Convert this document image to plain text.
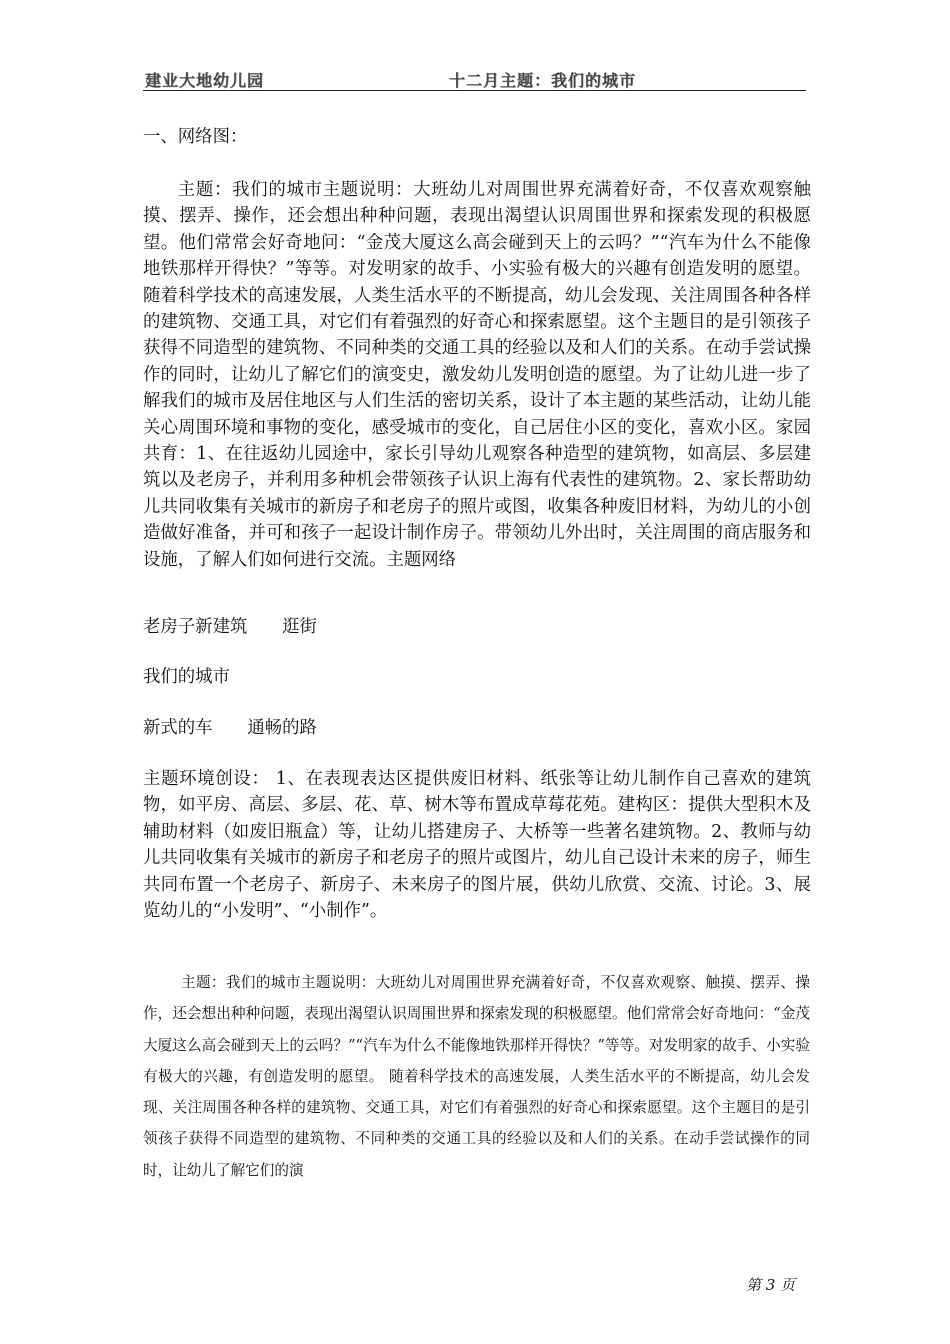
建业大地幼儿园	十二月主题：我们的城市

一、网络图：

主题：我们的城市主题说明：大班幼儿对周围世界充满着好奇，不仅喜欢观察触摸、摆弄、操作，还会想出种种问题，表现出渴望认识周围世界和探索发现的积极愿望。他们常常会好奇地问：“金茂大厦这么高会碰到天上的云吗？”“汽车为什么不能像地铁那样开得快？”等等。对发明家的故手、小实验有极大的兴趣有创造发明的愿望。 随着科学技术的高速发展，人类生活水平的不断提高，幼儿会发现、关注周围各种各样的建筑物、交通工具，对它们有着强烈的好奇心和探索愿望。这个主题目的是引领孩子获得不同造型的建筑物、不同种类的交通工具的经验以及和人们的关系。在动手尝试操作的同时，让幼儿了解它们的演变史，激发幼儿发明创造的愿望。为了让幼儿进一步了解我们的城市及居住地区与人们生活的密切关系，设计了本主题的某些活动，让幼儿能关心周围环境和事物的变化，感受城市的变化，自己居住小区的变化，喜欢小区。家园共育：1、在往返幼儿园途中，家长引导幼儿观察各种造型的建筑物，如高层、多层建筑以及老房子，并利用多种机会带领孩子认识上海有代表性的建筑物。2、家长帮助幼儿共同收集有关城市的新房子和老房子的照片或图，收集各种废旧材料，为幼儿的小创造做好准备，并可和孩子一起设计制作房子。带领幼儿外出时，关注周围的商店服务和设施，了解人们如何进行交流。主题网络

老房子新建筑　　逛街

我们的城市

新式的车　　通畅的路

主题环境创设： 1、在表现表达区提供废旧材料、纸张等让幼儿制作自己喜欢的建筑物，如平房、高层、多层、花、草、树木等布置成草莓花苑。建构区：提供大型积木及辅助材料（如废旧瓶盒）等，让幼儿搭建房子、大桥等一些著名建筑物。2、教师与幼儿共同收集有关城市的新房子和老房子的照片或图片，幼儿自己设计未来的房子，师生共同布置一个老房子、新房子、未来房子的图片展，供幼儿欣赏、交流、讨论。3、展览幼儿的“小发明”、“小制作”。

主题：我们的城市主题说明：大班幼儿对周围世界充满着好奇，不仅喜欢观察、触摸、摆弄、操作，还会想出种种问题，表现出渴望认识周围世界和探索发现的积极愿望。他们常常会好奇地问：“金茂大厦这么高会碰到天上的云吗？”“汽车为什么不能像地铁那样开得快？”等等。对发明家的故手、小实验有极大的兴趣，有创造发明的愿望。 随着科学技术的高速发展，人类生活水平的不断提高，幼儿会发现、关注周围各种各样的建筑物、交通工具，对它们有着强烈的好奇心和探索愿望。这个主题目的是引领孩子获得不同造型的建筑物、不同种类的交通工具的经验以及和人们的关系。在动手尝试操作的同时，让幼儿了解它们的演

第 3 页
